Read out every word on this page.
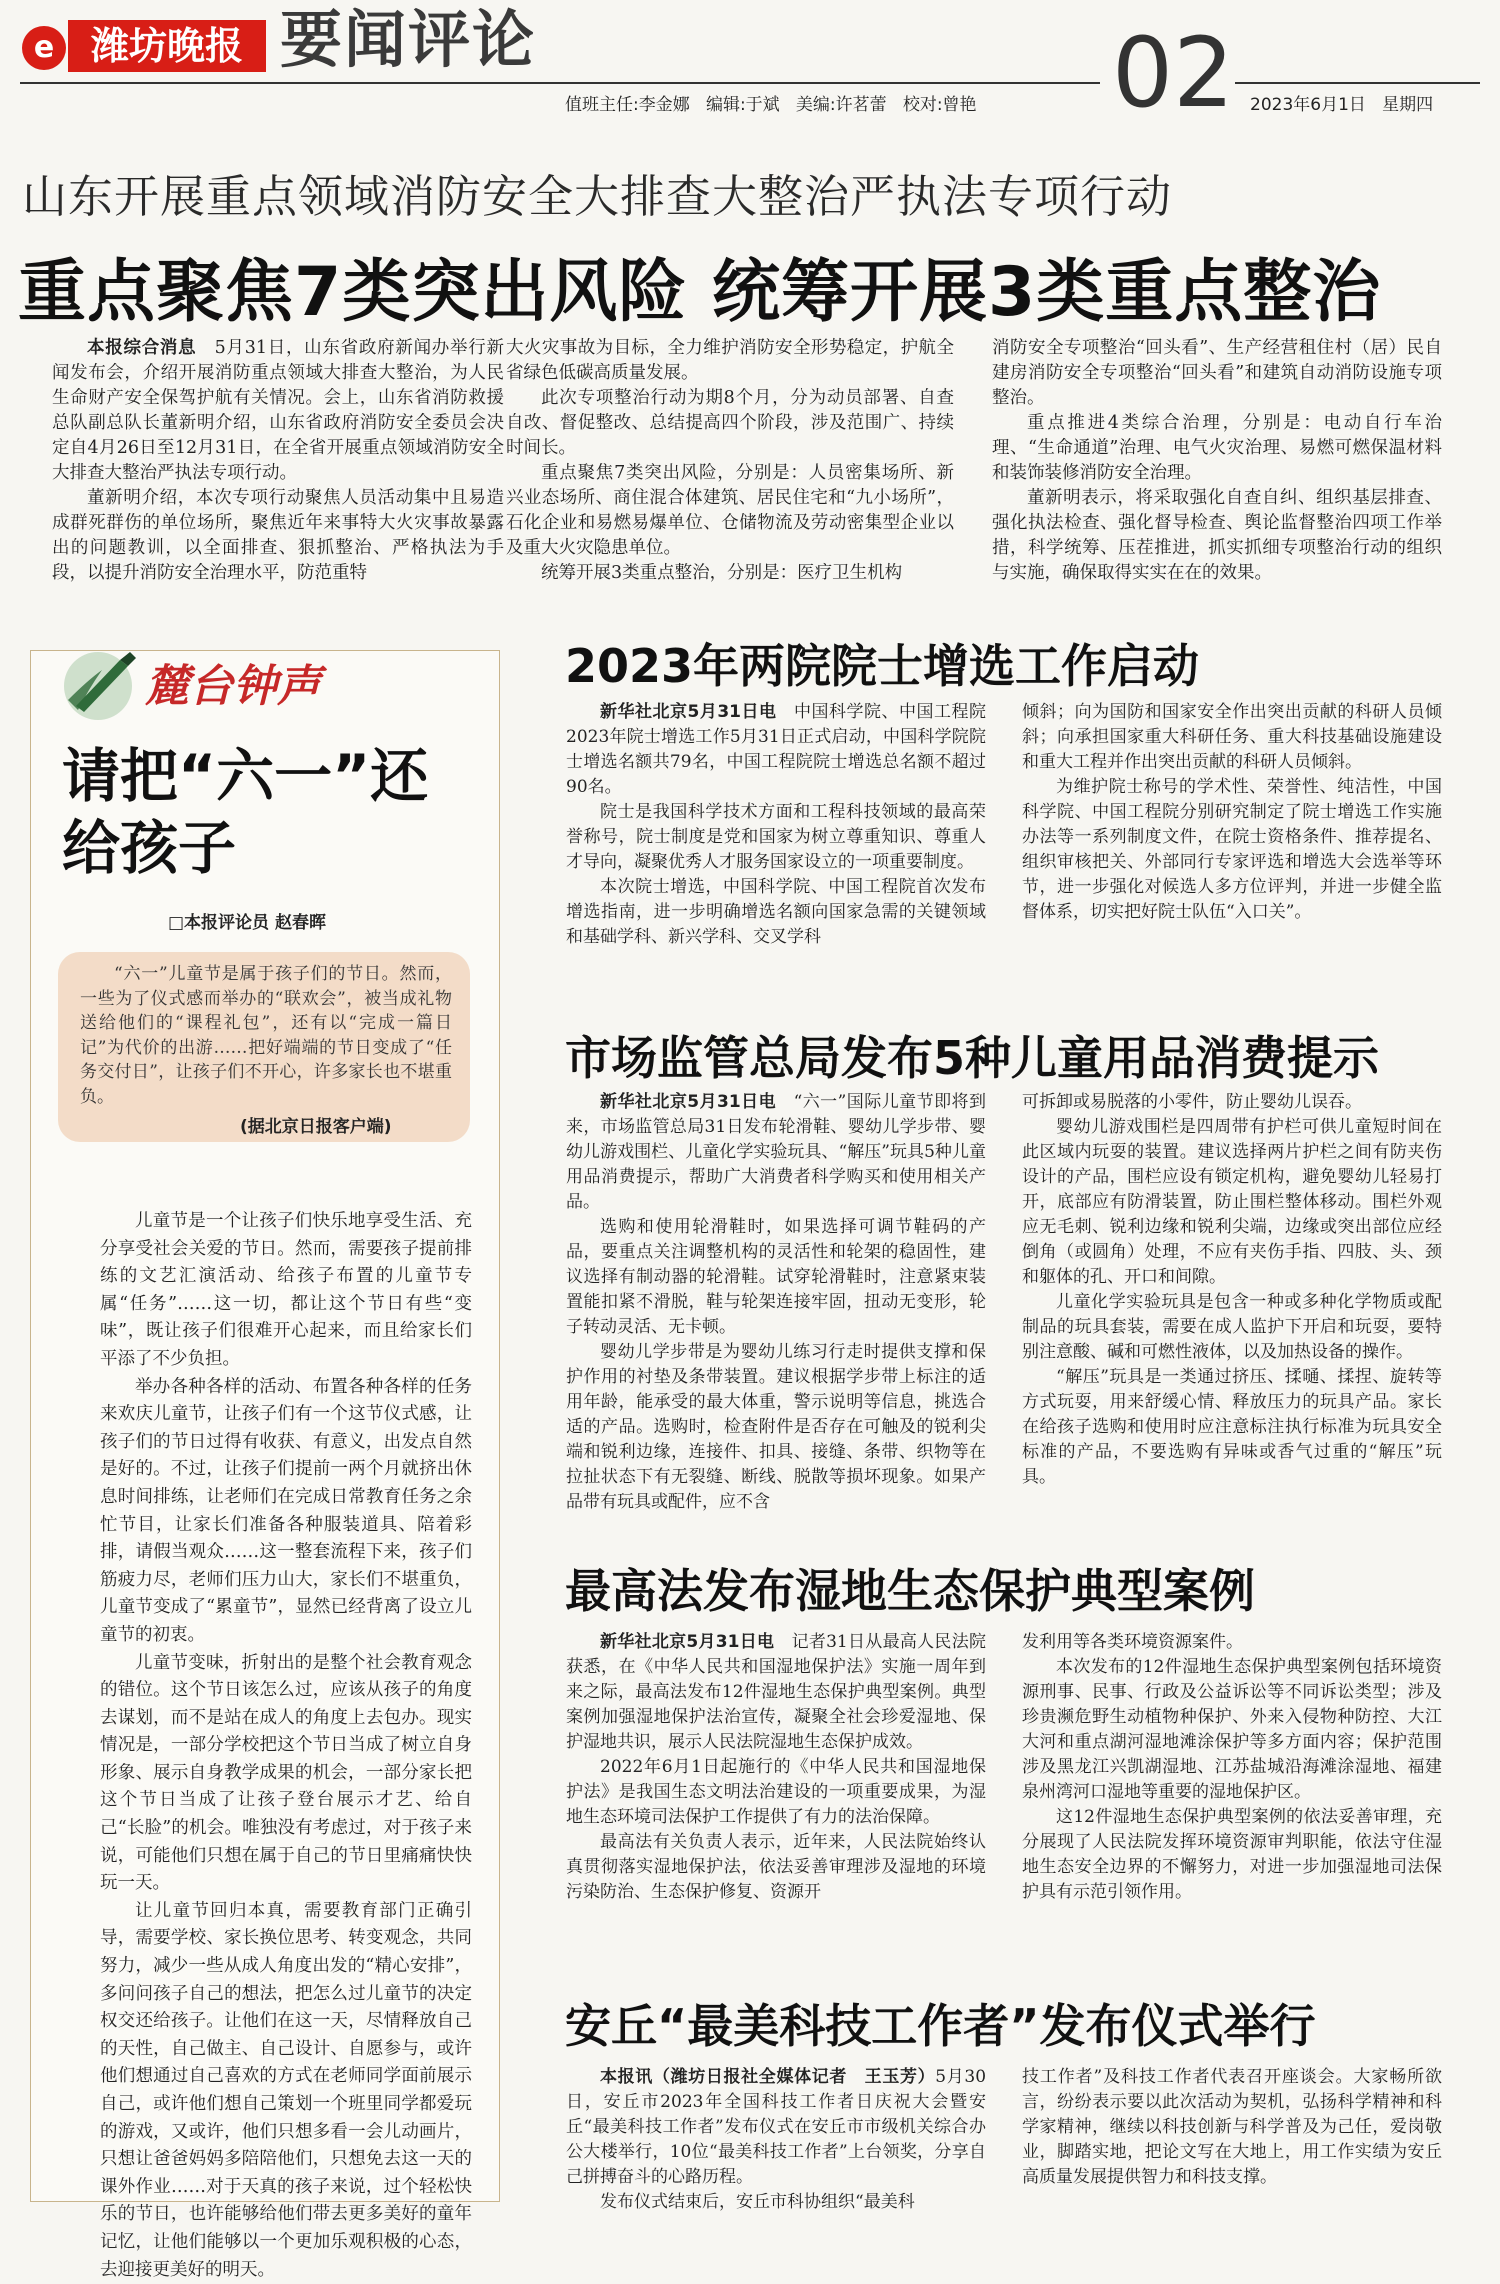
e 潍坊晚报 要闻评论	02
值班主任:李金娜   编辑:于斌   美编:许茗蕾   校对:曾艳	2023年6月1日   星期四
山东开展重点领域消防安全大排查大整治严执法专项行动
重点聚焦7类突出风险 统筹开展3类重点整治

本报综合消息　 5月31日，山东省政府新闻办举行新闻发布会，介绍开展消防重点领域大排查大整治，为人民生命财产安全保驾护航有关情况。会上，山东省消防救援总队副总队长董新明介绍，山东省政府消防安全委员会决定自4月26日至12月31日，在全省开展重点领域消防安全大排查大整治严执法专项行动。

董新明介绍，本次专项行动聚焦人员活动集中且易造成群死群伤的单位场所，聚焦近年来事特大火灾事故暴露出的问题教训，以全面排查、狠抓整治、严格执法为手段，以提升消防安全治理水平，防范重特

大火灾事故为目标，全力维护消防安全形势稳定，护航全省绿色低碳高质量发展。

此次专项整治行动为期8个月，分为动员部署、自查自改、督促整改、总结提高四个阶段，涉及范围广、持续时间长。

重点聚焦7类突出风险，分别是：人员密集场所、新兴业态场所、商住混合体建筑、居民住宅和“九小场所”，石化企业和易燃易爆单位、仓储物流及劳动密集型企业以及重大火灾隐患单位。

统筹开展3类重点整治，分别是：医疗卫生机构

消防安全专项整治“回头看”、生产经营租住村（居）民自建房消防安全专项整治“回头看”和建筑自动消防设施专项整治。

重点推进4类综合治理，分别是：电动自行车治理、“生命通道”治理、电气火灾治理、易燃可燃保温材料和装饰装修消防安全治理。

董新明表示，将采取强化自查自纠、组织基层排查、强化执法检查、强化督导检查、舆论监督整治四项工作举措，科学统筹、压茬推进，抓实抓细专项整治行动的组织与实施，确保取得实实在在的效果。

麓台钟声
请把“六一”还给孩子
□本报评论员 赵春晖
“六一”儿童节是属于孩子们的节日。然而，一些为了仪式感而举办的“联欢会”，被当成礼物送给他们的“课程礼包”，还有以“完成一篇日记”为代价的出游……把好端端的节日变成了“任务交付日”，让孩子们不开心，许多家长也不堪重负。
(据北京日报客户端)

儿童节是一个让孩子们快乐地享受生活、充分享受社会关爱的节日。然而，需要孩子提前排练的文艺汇演活动、给孩子布置的儿童节专属“任务”……这一切，都让这个节日有些“变味”，既让孩子们很难开心起来，而且给家长们平添了不少负担。

举办各种各样的活动、布置各种各样的任务来欢庆儿童节，让孩子们有一个这节仪式感，让孩子们的节日过得有收获、有意义，出发点自然是好的。不过，让孩子们提前一两个月就挤出休息时间排练，让老师们在完成日常教育任务之余忙节目，让家长们准备各种服装道具、陪着彩排，请假当观众……这一整套流程下来，孩子们筋疲力尽，老师们压力山大，家长们不堪重负，儿童节变成了“累童节”，显然已经背离了设立儿童节的初衷。

儿童节变味，折射出的是整个社会教育观念的错位。这个节日该怎么过，应该从孩子的角度去谋划，而不是站在成人的角度上去包办。现实情况是，一部分学校把这个节日当成了树立自身形象、展示自身教学成果的机会，一部分家长把这个节日当成了让孩子登台展示才艺、给自己“长脸”的机会。唯独没有考虑过，对于孩子来说，可能他们只想在属于自己的节日里痛痛快快玩一天。

让儿童节回归本真，需要教育部门正确引导，需要学校、家长换位思考、转变观念，共同努力，减少一些从成人角度出发的“精心安排”，多问问孩子自己的想法，把怎么过儿童节的决定权交还给孩子。让他们在这一天，尽情释放自己的天性，自己做主、自己设计、自愿参与，或许他们想通过自己喜欢的方式在老师同学面前展示自己，或许他们想自己策划一个班里同学都爱玩的游戏，又或许，他们只想多看一会儿动画片，只想让爸爸妈妈多陪陪他们，只想免去这一天的课外作业……对于天真的孩子来说，过个轻松快乐的节日，也许能够给他们带去更多美好的童年记忆，让他们能够以一个更加乐观积极的心态，去迎接更美好的明天。

2023年两院院士增选工作启动

新华社北京5月31日电　 中国科学院、中国工程院2023年院士增选工作5月31日正式启动，中国科学院院士增选名额共79名，中国工程院院士增选总名额不超过90名。

院士是我国科学技术方面和工程科技领域的最高荣誉称号，院士制度是党和国家为树立尊重知识、尊重人才导向，凝聚优秀人才服务国家设立的一项重要制度。

本次院士增选，中国科学院、中国工程院首次发布增选指南，进一步明确增选名额向国家急需的关键领域和基础学科、新兴学科、交叉学科

倾斜；向为国防和国家安全作出突出贡献的科研人员倾斜；向承担国家重大科研任务、重大科技基础设施建设和重大工程并作出突出贡献的科研人员倾斜。

为维护院士称号的学术性、荣誉性、纯洁性，中国科学院、中国工程院分别研究制定了院士增选工作实施办法等一系列制度文件，在院士资格条件、推荐提名、组织审核把关、外部同行专家评选和增选大会选举等环节，进一步强化对候选人多方位评判，并进一步健全监督体系，切实把好院士队伍“入口关”。

市场监管总局发布5种儿童用品消费提示

新华社北京5月31日电　 “六一”国际儿童节即将到来，市场监管总局31日发布轮滑鞋、婴幼儿学步带、婴幼儿游戏围栏、儿童化学实验玩具、“解压”玩具5种儿童用品消费提示，帮助广大消费者科学购买和使用相关产品。

选购和使用轮滑鞋时，如果选择可调节鞋码的产品，要重点关注调整机构的灵活性和轮架的稳固性，建议选择有制动器的轮滑鞋。试穿轮滑鞋时，注意紧束装置能扣紧不滑脱，鞋与轮架连接牢固，扭动无变形，轮子转动灵活、无卡顿。

婴幼儿学步带是为婴幼儿练习行走时提供支撑和保护作用的衬垫及条带装置。建议根据学步带上标注的适用年龄，能承受的最大体重，警示说明等信息，挑选合适的产品。选购时，检查附件是否存在可触及的锐利尖端和锐利边缘，连接件、扣具、接缝、条带、织物等在拉扯状态下有无裂缝、断线、脱散等损坏现象。如果产品带有玩具或配件，应不含

可拆卸或易脱落的小零件，防止婴幼儿误吞。

婴幼儿游戏围栏是四周带有护栏可供儿童短时间在此区域内玩耍的装置。建议选择两片护栏之间有防夹伤设计的产品，围栏应设有锁定机构，避免婴幼儿轻易打开，底部应有防滑装置，防止围栏整体移动。围栏外观应无毛刺、锐利边缘和锐利尖端，边缘或突出部位应经倒角（或圆角）处理，不应有夹伤手指、四肢、头、颈和躯体的孔、开口和间隙。

儿童化学实验玩具是包含一种或多种化学物质或配制品的玩具套装，需要在成人监护下开启和玩耍，要特别注意酸、碱和可燃性液体，以及加热设备的操作。

“解压”玩具是一类通过挤压、揉嗵、揉捏、旋转等方式玩耍，用来舒缓心情、释放压力的玩具产品。家长在给孩子选购和使用时应注意标注执行标准为玩具安全标准的产品，不要选购有异味或香气过重的“解压”玩具。

最高法发布湿地生态保护典型案例

新华社北京5月31日电　 记者31日从最高人民法院获悉，在《中华人民共和国湿地保护法》实施一周年到来之际，最高法发布12件湿地生态保护典型案例。典型案例加强湿地保护法治宣传，凝聚全社会珍爱湿地、保护湿地共识，展示人民法院湿地生态保护成效。

2022年6月1日起施行的《中华人民共和国湿地保护法》是我国生态文明法治建设的一项重要成果，为湿地生态环境司法保护工作提供了有力的法治保障。

最高法有关负责人表示，近年来，人民法院始终认真贯彻落实湿地保护法，依法妥善审理涉及湿地的环境污染防治、生态保护修复、资源开

发利用等各类环境资源案件。

本次发布的12件湿地生态保护典型案例包括环境资源刑事、民事、行政及公益诉讼等不同诉讼类型；涉及珍贵濒危野生动植物种保护、外来入侵物种防控、大江大河和重点湖河湿地滩涂保护等多方面内容；保护范围涉及黑龙江兴凯湖湿地、江苏盐城沿海滩涂湿地、福建泉州湾河口湿地等重要的湿地保护区。

这12件湿地生态保护典型案例的依法妥善审理，充分展现了人民法院发挥环境资源审判职能，依法守住湿地生态安全边界的不懈努力，对进一步加强湿地司法保护具有示范引领作用。

安丘“最美科技工作者”发布仪式举行

本报讯（潍坊日报社全媒体记者　王玉芳）5月30日，安丘市2023年全国科技工作者日庆祝大会暨安丘“最美科技工作者”发布仪式在安丘市市级机关综合办公大楼举行，10位“最美科技工作者”上台领奖，分享自己拼搏奋斗的心路历程。

发布仪式结束后，安丘市科协组织“最美科

技工作者”及科技工作者代表召开座谈会。大家畅所欲言，纷纷表示要以此次活动为契机，弘扬科学精神和科学家精神，继续以科技创新与科学普及为己任，爱岗敬业，脚踏实地，把论文写在大地上，用工作实绩为安丘高质量发展提供智力和科技支撑。
